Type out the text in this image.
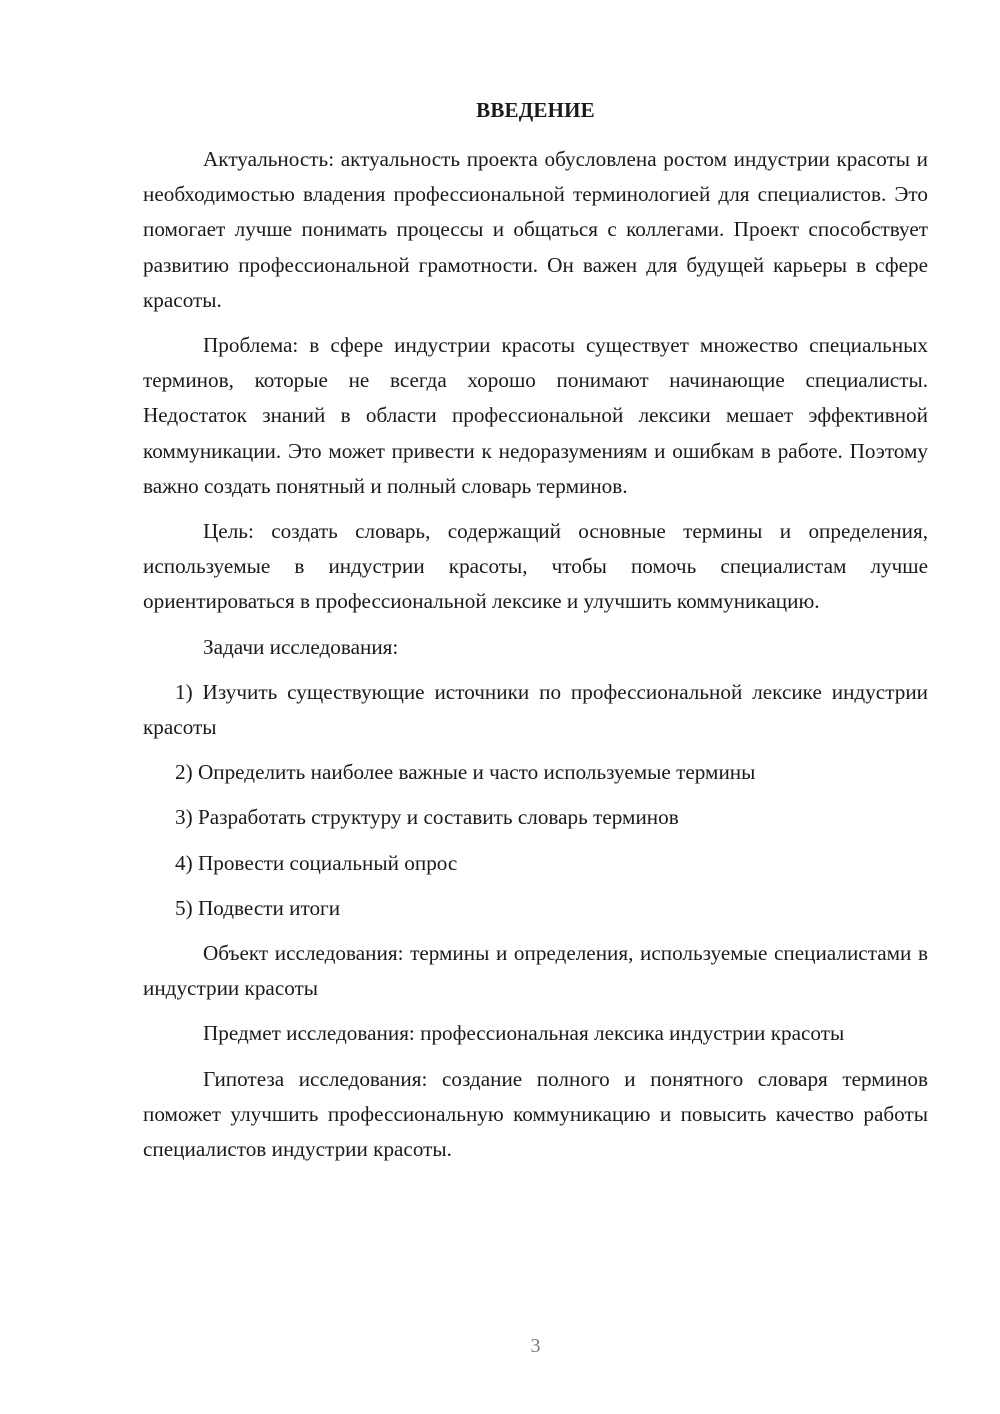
ВВЕДЕНИЕ

Актуальность: актуальность проекта обусловлена ростом индустрии красоты и необходимостью владения профессиональной терминологией для специалистов. Это помогает лучше понимать процессы и общаться с коллегами. Проект способствует развитию профессиональной грамотности. Он важен для будущей карьеры в сфере красоты.

Проблема: в сфере индустрии красоты существует множество специальных терминов, которые не всегда хорошо понимают начинающие специалисты. Недостаток знаний в области профессиональной лексики мешает эффективной коммуникации. Это может привести к недоразумениям и ошибкам в работе. Поэтому важно создать понятный и полный словарь терминов.

Цель: создать словарь, содержащий основные термины и определения, используемые в индустрии красоты, чтобы помочь специалистам лучше ориентироваться в профессиональной лексике и улучшить коммуникацию.

Задачи исследования:

1) Изучить существующие источники по профессиональной лексике индустрии красоты

2) Определить наиболее важные и часто используемые термины

3) Разработать структуру и составить словарь терминов

4) Провести социальный опрос

5) Подвести итоги

Объект исследования: термины и определения, используемые специалистами в индустрии красоты

Предмет исследования: профессиональная лексика индустрии красоты

Гипотеза исследования: создание полного и понятного словаря терминов поможет улучшить профессиональную коммуникацию и повысить качество работы специалистов индустрии красоты.

3
